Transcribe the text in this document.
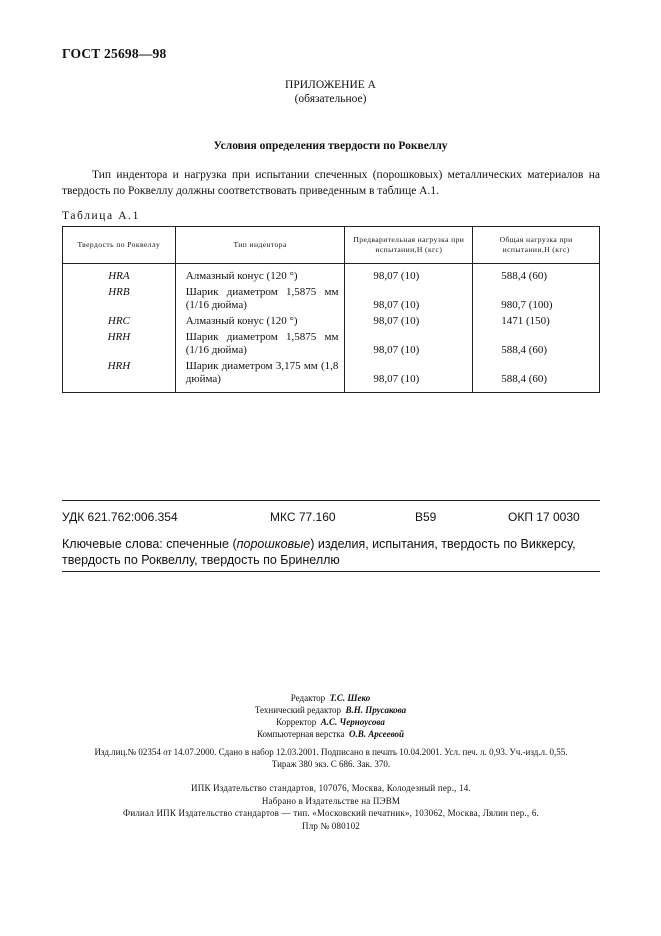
ГОСТ 25698—98
ПРИЛОЖЕНИЕ А
(обязательное)
Условия определения твердости по Роквеллу
Тип индентора и нагрузка при испытании спеченных (порошковых) металлических материалов на твердость по Роквеллу должны соответствовать приведенным в таблице А.1.
Таблица А.1
Твердость по Роквеллу	Тип индентора	Предварительная нагрузка при испытании,Н (кгс)	Общая нагрузка при испытании,Н (кгс)
HRA	Алмазный конус (120 °)	98,07 (10)	588,4 (60)

HRB	Шарик диаметром 1,5875 мм (1/16 дюйма)	98,07 (10)	980,7 (100)

HRC	Алмазный конус (120 °)	98,07 (10)	1471 (150)

HRH	Шарик диаметром 1,5875 мм (1/16 дюйма)	98,07 (10)	588,4 (60)

HRH	Шарик диаметром 3,175 мм (1,8 дюйма)	98,07 (10)	588,4 (60)
УДК 621.762:006.354	МКС 77.160	В59	ОКП 17 0030
Ключевые слова: спеченные (порошковые) изделия, испытания, твердость по Виккерсу, твердость по Роквеллу, твердость по Бринеллю
Редактор Т.С. Шеко
Технический редактор В.Н. Прусакова
Корректор А.С. Черноусова
Компьютерная верстка О.В. Арсеевой
Изд.лиц.№ 02354 от 14.07.2000. Сдано в набор 12.03.2001. Подписано в печать 10.04.2001. Усл. печ. л. 0,93. Уч.-изд.л. 0,55.
Тираж 380 экз. С 686. Зак. 370.
ИПК Издательство стандартов, 107076, Москва, Колодезный пер., 14.
Набрано в Издательстве на ПЭВМ
Филиал ИПК Издательство стандартов — тип. «Московский печатник», 103062, Москва, Лялин пер., 6.
Плр № 080102
